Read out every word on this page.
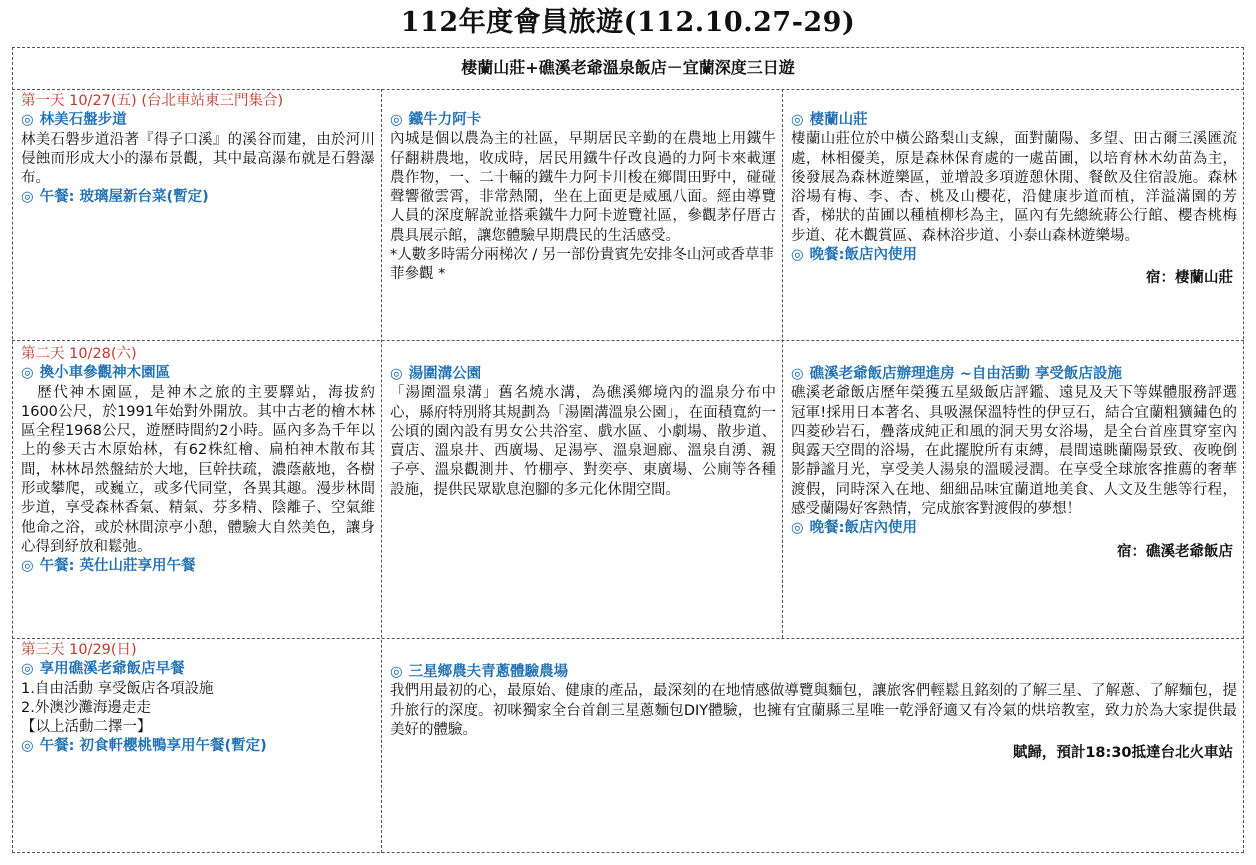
112年度會員旅遊(112.10.27-29)
棲蘭山莊+礁溪老爺溫泉飯店－宜蘭深度三日遊
第一天 10/27(五) (台北車站東三門集合)
◎ 林美石盤步道
林美石磐步道沿著『得子口溪』的溪谷而建，由於河川侵蝕而形成大小的瀑布景觀，其中最高瀑布就是石磐瀑布。
◎ 午餐: 玻璃屋新台菜(暫定)
◎ 鐵牛力阿卡
內城是個以農為主的社區，早期居民辛勤的在農地上用鐵牛仔翻耕農地，收成時，居民用鐵牛仔改良過的力阿卡來載運農作物，一、二十輛的鐵牛力阿卡川梭在鄉間田野中，碰碰聲響徹雲霄，非常熱鬧，坐在上面更是威風八面。經由導覽人員的深度解說並搭乘鐵牛力阿卡遊覽社區，參觀茅仔厝古農具展示館，讓您體驗早期農民的生活感受。
*人數多時需分兩梯次 / 另一部份貴賓先安排冬山河或香草菲菲參觀 *
◎ 棲蘭山莊
棲蘭山莊位於中橫公路梨山支線，面對蘭陽、多望、田古爾三溪匯流處，林相優美，原是森林保育處的一處苗圃，以培育林木幼苗為主，後發展為森林遊樂區，並增設多項遊憩休閒、餐飲及住宿設施。森林浴場有梅、李、杏、桃及山櫻花，沿健康步道而植，洋溢滿園的芳香，梯狀的苗圃以種植柳杉為主，區內有先總統蔣公行館、櫻杏桃梅步道、花木觀賞區、森林浴步道、小泰山森林遊樂場。
◎ 晚餐:飯店內使用
宿：棲蘭山莊
第二天 10/28(六)
◎ 換小車參觀神木園區
　歷代神木園區，是神木之旅的主要驛站，海拔約1600公尺，於1991年始對外開放。其中古老的檜木林區全程1968公尺，遊歷時間約2小時。區內多為千年以上的參天古木原始林，有62株紅檜、扁柏神木散布其間，林林昂然盤結於大地，巨幹扶疏，濃蔭蔽地，各樹形或攀爬，或巍立，或多代同堂，各異其趣。漫步林間步道，享受森林香氣、精氣、芬多精、陰離子、空氣維他命之浴，或於林間涼亭小憩，體驗大自然美色，讓身心得到紓放和鬆弛。
◎ 午餐: 英仕山莊享用午餐
◎ 湯圍溝公園
「湯圍溫泉溝」舊名燒水溝，為礁溪鄉境內的溫泉分布中心，縣府特別將其規劃為「湯圍溝溫泉公園」，在面積寬約一公頃的園內設有男女公共浴室、戲水區、小劇場、散步道、賣店、溫泉井、西廣場、足湯亭、溫泉迴廊、溫泉自湧、親子亭、溫泉觀測井、竹棚亭、對奕亭、東廣場、公廁等各種設施，提供民眾歇息泡腳的多元化休閒空間。
◎ 礁溪老爺飯店辦理進房 ~自由活動 享受飯店設施
礁溪老爺飯店歷年榮獲五星級飯店評鑑、遠見及天下等媒體服務評選冠軍!採用日本著名、具吸濕保溫特性的伊豆石，結合宜蘭粗獷鏽色的四菱砂岩石，疊落成純正和風的洞天男女浴場，是全台首座貫穿室內與露天空間的浴場，在此擺脫所有束縛，晨間遠眺蘭陽景致、夜晚倒影靜謐月光，享受美人湯泉的溫暖浸潤。在享受全球旅客推薦的奢華渡假，同時深入在地、細細品味宜蘭道地美食、人文及生態等行程，感受蘭陽好客熱情，完成旅客對渡假的夢想！
◎ 晚餐:飯店內使用
宿：礁溪老爺飯店
第三天 10/29(日)
◎ 享用礁溪老爺飯店早餐
1.自由活動 享受飯店各項設施
2.外澳沙灘海邊走走
【以上活動二擇一】
◎ 午餐: 初食軒櫻桃鴨享用午餐(暫定)
◎ 三星鄉農夫青蔥體驗農場
我們用最初的心，最原始、健康的產品，最深刻的在地情感做導覽與麵包，讓旅客們輕鬆且銘刻的了解三星、了解蔥、了解麵包，提升旅行的深度。初咪獨家全台首創三星蔥麵包DIY體驗，也擁有宜蘭縣三星唯一乾淨舒適又有冷氣的烘培教室，致力於為大家提供最美好的體驗。
賦歸，預計18:30抵達台北火車站
